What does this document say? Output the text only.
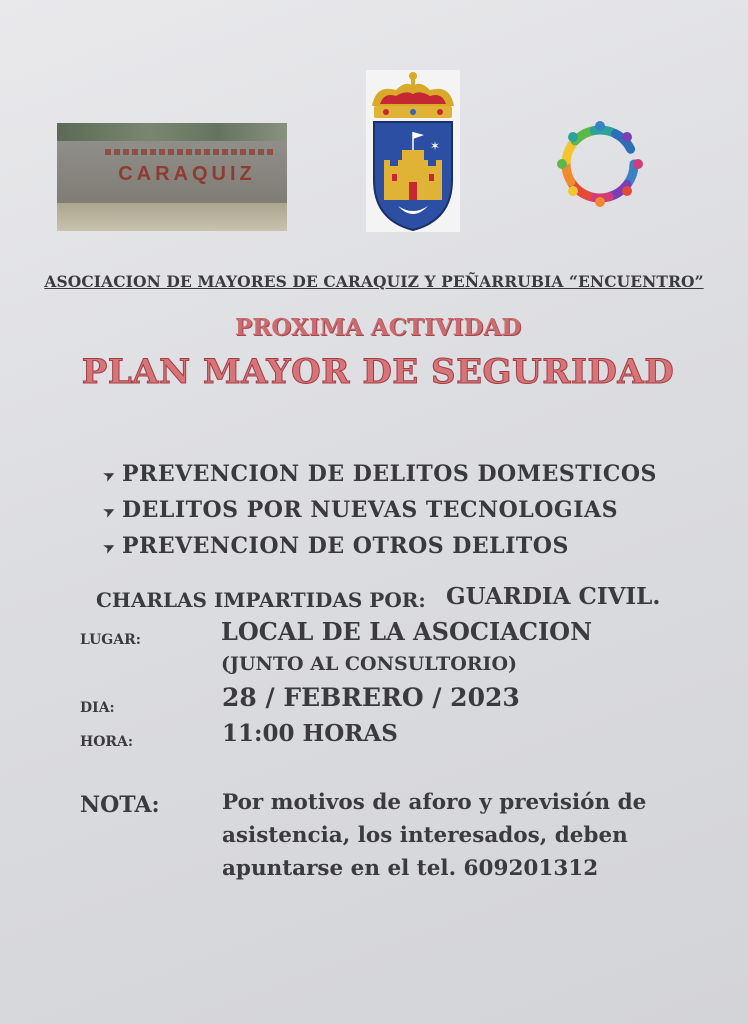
CARAQUIZ
✶
ASOCIACION DE MAYORES DE CARAQUIZ Y PEÑARRUBIA “ENCUENTRO”
PROXIMA ACTIVIDAD
PLAN MAYOR DE SEGURIDAD
➤ PREVENCION DE DELITOS DOMESTICOS
➤ DELITOS POR NUEVAS TECNOLOGIAS
➤ PREVENCION DE OTROS DELITOS
CHARLAS IMPARTIDAS POR: GUARDIA CIVIL.
LUGAR:	LOCAL DE LA ASOCIACION
(JUNTO AL CONSULTORIO)
DIA:	28 / FEBRERO / 2023
HORA:	11:00 HORAS
NOTA:	Por motivos de aforo y previsión de asistencia, los interesados, deben apuntarse en el tel. 609201312
